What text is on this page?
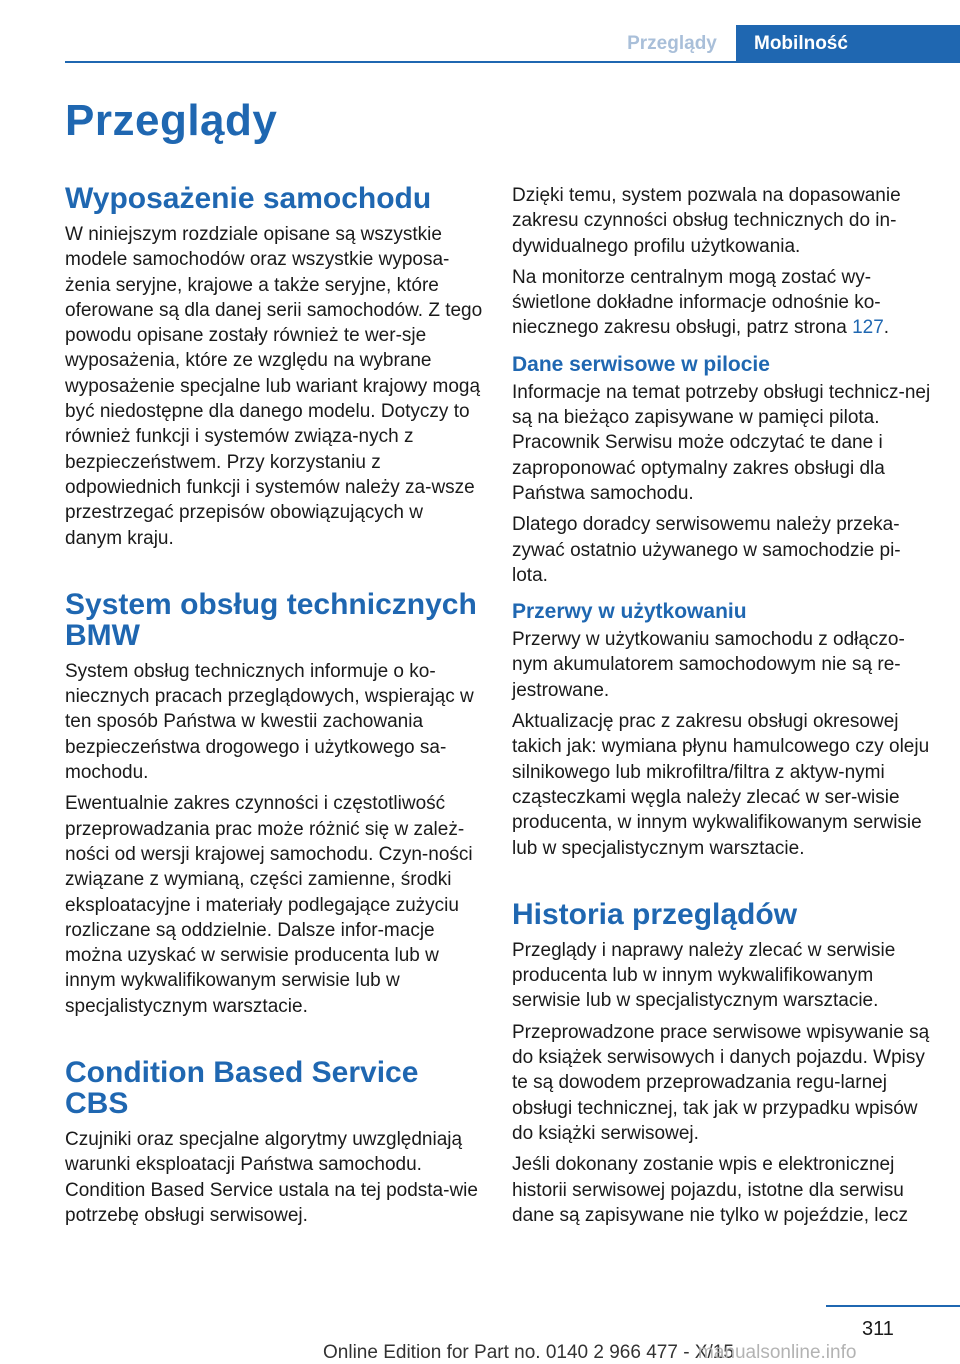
Przeglądy	Mobilność
Przeglądy
Wyposażenie samochodu

W niniejszym rozdziale opisane są wszystkie modele samochodów oraz wszystkie wyposa‐żenia seryjne, krajowe a także seryjne, które oferowane są dla danej serii samochodów. Z tego powodu opisane zostały również te wer‐sje wyposażenia, które ze względu na wybrane wyposażenie specjalne lub wariant krajowy mogą być niedostępne dla danego modelu. Dotyczy to również funkcji i systemów związa‐nych z bezpieczeństwem. Przy korzystaniu z odpowiednich funkcji i systemów należy za‐wsze przestrzegać przepisów obowiązujących w danym kraju.

System obsług technicznych BMW

System obsług technicznych informuje o ko‐niecznych pracach przeglądowych, wspierając w ten sposób Państwa w kwestii zachowania bezpieczeństwa drogowego i użytkowego sa‐mochodu.

Ewentualnie zakres czynności i częstotliwość przeprowadzania prac może różnić się w zależ‐ności od wersji krajowej samochodu. Czyn‐ności związane z wymianą, części zamienne, środki eksploatacyjne i materiały podlegające zużyciu rozliczane są oddzielnie. Dalsze infor‐macje można uzyskać w serwisie producenta lub w innym wykwalifikowanym serwisie lub w specjalistycznym warsztacie.

Condition Based Service CBS

Czujniki oraz specjalne algorytmy uwzględniają warunki eksploatacji Państwa samochodu. Condition Based Service ustala na tej podsta‐wie potrzebę obsługi serwisowej.

Dzięki temu, system pozwala na dopasowanie zakresu czynności obsług technicznych do in‐dywidualnego profilu użytkowania.

Na monitorze centralnym mogą zostać wy‐świetlone dokładne informacje odnośnie ko‐niecznego zakresu obsługi, patrz strona 127.

Dane serwisowe w pilocie

Informacje na temat potrzeby obsługi technicz‐nej są na bieżąco zapisywane w pamięci pilota. Pracownik Serwisu może odczytać te dane i zaproponować optymalny zakres obsługi dla Państwa samochodu.

Dlatego doradcy serwisowemu należy przeka‐zywać ostatnio używanego w samochodzie pi‐lota.

Przerwy w użytkowaniu

Przerwy w użytkowaniu samochodu z odłączo‐nym akumulatorem samochodowym nie są re‐jestrowane.

Aktualizację prac z zakresu obsługi okresowej takich jak: wymiana płynu hamulcowego czy oleju silnikowego lub mikrofiltra/filtra z aktyw‐nymi cząsteczkami węgla należy zlecać w ser‐wisie producenta, w innym wykwalifikowanym serwisie lub w specjalistycznym warsztacie.

Historia przeglądów

Przeglądy i naprawy należy zlecać w serwisie producenta lub w innym wykwalifikowanym serwisie lub w specjalistycznym warsztacie.

Przeprowadzone prace serwisowe wpisywanie są do książek serwisowych i danych pojazdu. Wpisy te są dowodem przeprowadzania regu‐larnej obsługi technicznej, tak jak w przypadku wpisów do książki serwisowej.

Jeśli dokonany zostanie wpis e elektronicznej historii serwisowej pojazdu, istotne dla serwisu dane są zapisywane nie tylko w pojeździe, lecz

311
Online Edition for Part no. 0140 2 966 477 - X/15
manualsonline.info
